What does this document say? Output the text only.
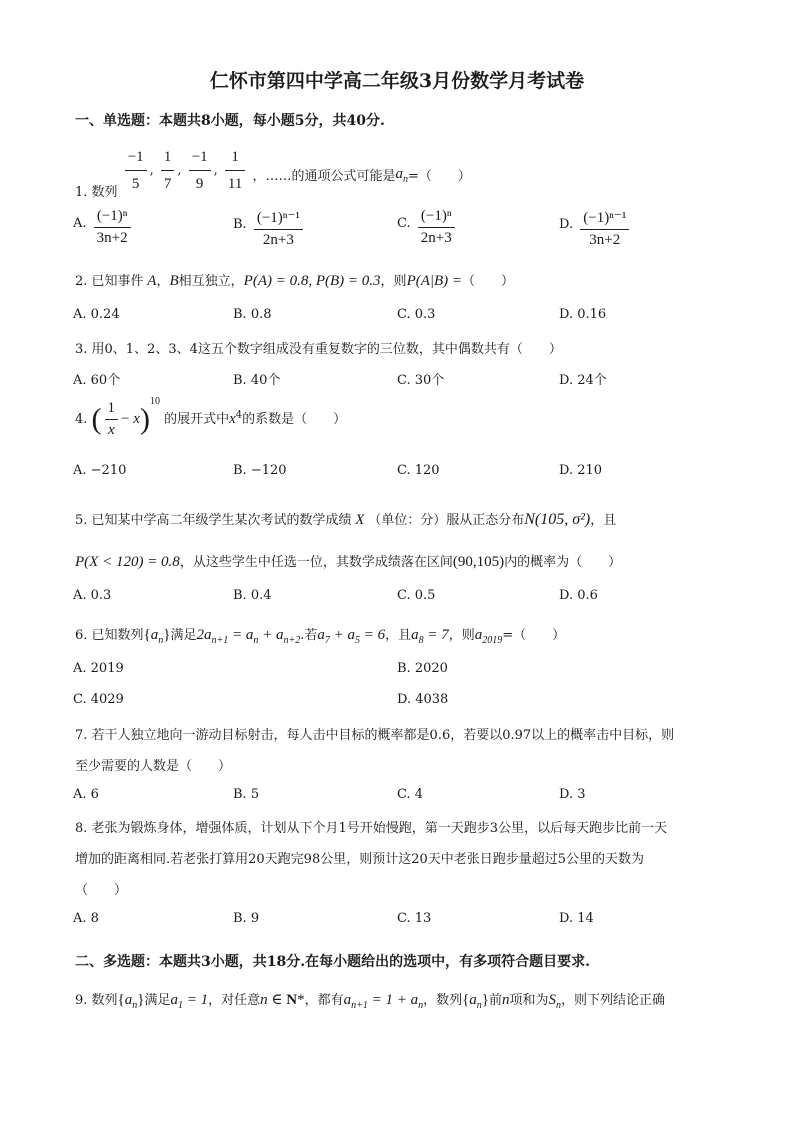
仁怀市第四中学高二年级3月份数学月考试卷
一、单选题：本题共8小题，每小题5分，共40分.
1. 数列 $\frac{-1}{5}$ , $\frac{1}{7}$ , $\frac{-1}{9}$ , $\frac{1}{11}$ ，……的通项公式可能是$a_n=$（　　）
A. $\frac{\text{(−1)ⁿ}}{3n+2}$	B. $\frac{\text{(−1)ⁿ⁻¹}}{2n+3}$	C. $\frac{\text{(−1)ⁿ}}{2n+3}$	D. $\frac{\text{(−1)ⁿ⁻¹}}{3n+2}$
2. 已知事件 A，B相互独立，P(A) = 0.8, P(B) = 0.3，则P(A|B) =（　　）
A. 0.24	B. 0.8	C. 0.3	D. 0.16
3. 用0、1、2、3、4这五个数字组成没有重复数字的三位数，其中偶数共有（　　）
A. 60个	B. 40个	C. 30个	D. 24个
4. ( $\frac{1}{x} - x)^{10}$ 的展开式中$x^4$的系数是（　　）
A. −210	B. −120	C. 120	D. 210
5. 已知某中学高二年级学生某次考试的数学成绩 X （单位：分）服从正态分布N(105, σ²)，且
P(X < 120) = 0.8，从这些学生中任选一位，其数学成绩落在区间(90,105)内的概率为（　　）
A. 0.3	B. 0.4	C. 0.5	D. 0.6
6. 已知数列$\{a_n\}$满足$2a_{n+1} = a_n + a_{n+2}$.若$a_7 + a_5 = 6$，且$a_8 = 7$，则$a_{2019}=$（　　）
A. 2019	B. 2020
C. 4029	D. 4038
7. 若干人独立地向一游动目标射击，每人击中目标的概率都是0.6，若要以0.97以上的概率击中目标，则
至少需要的人数是（　　）
A. 6	B. 5	C. 4	D. 3
8. 老张为锻炼身体，增强体质，计划从下个月1号开始慢跑，第一天跑步3公里，以后每天跑步比前一天
增加的距离相同.若老张打算用20天跑完98公里，则预计这20天中老张日跑步量超过5公里的天数为
（　　）
A. 8	B. 9	C. 13	D. 14
二、多选题：本题共3小题，共18分.在每小题给出的选项中，有多项符合题目要求.
9. 数列$\{a_n\}$满足$a_1 = 1$，对任意n ∈ N*，都有$a_{n+1} = 1 + a_n$，数列$\{a_n\}$前n项和为$S_n$，则下列结论正确
